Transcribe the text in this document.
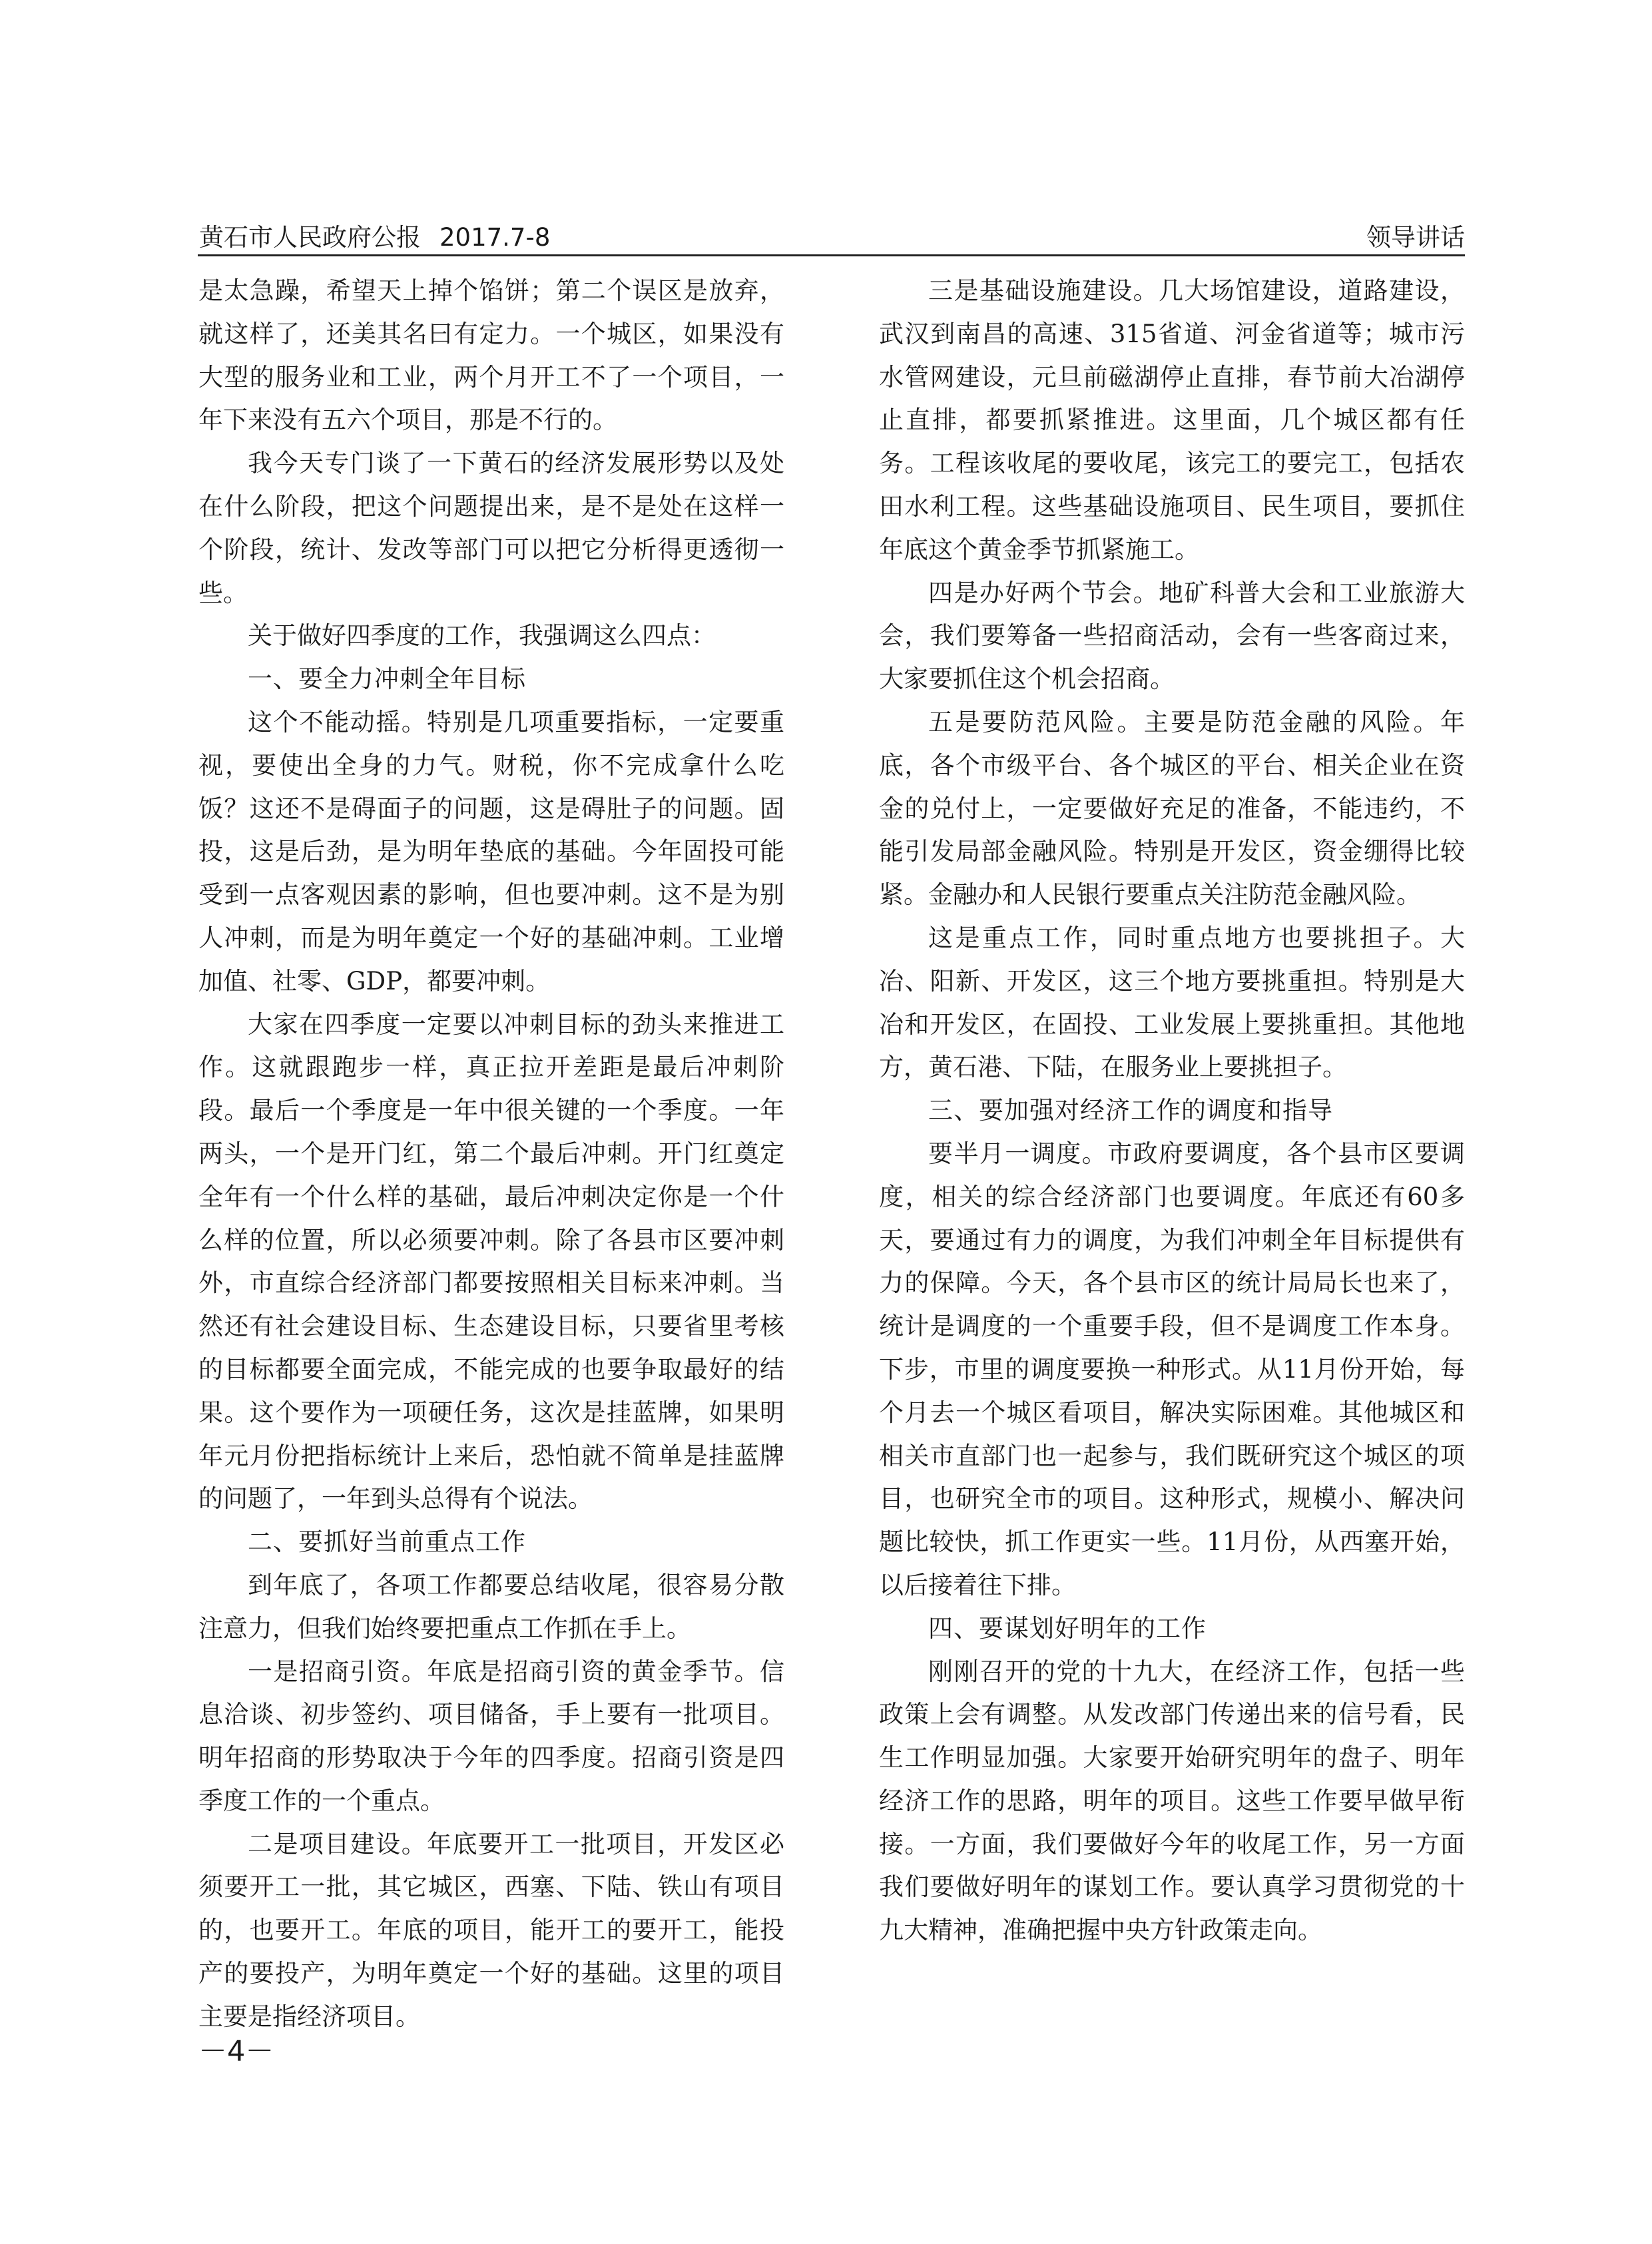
黄石市人民政府公报 2017.7-8	领导讲话

是太急躁，希望天上掉个馅饼；第二个误区是放弃，就这样了，还美其名曰有定力。一个城区，如果没有大型的服务业和工业，两个月开工不了一个项目，一年下来没有五六个项目，那是不行的。

我今天专门谈了一下黄石的经济发展形势以及处在什么阶段，把这个问题提出来，是不是处在这样一个阶段，统计、发改等部门可以把它分析得更透彻一些。

关于做好四季度的工作，我强调这么四点：

一、要全力冲刺全年目标

这个不能动摇。特别是几项重要指标，一定要重视，要使出全身的力气。财税，你不完成拿什么吃饭？这还不是碍面子的问题，这是碍肚子的问题。固投，这是后劲，是为明年垫底的基础。今年固投可能受到一点客观因素的影响，但也要冲刺。这不是为别人冲刺，而是为明年奠定一个好的基础冲刺。工业增加值、社零、GDP，都要冲刺。

大家在四季度一定要以冲刺目标的劲头来推进工作。这就跟跑步一样，真正拉开差距是最后冲刺阶段。最后一个季度是一年中很关键的一个季度。一年两头，一个是开门红，第二个最后冲刺。开门红奠定全年有一个什么样的基础，最后冲刺决定你是一个什么样的位置，所以必须要冲刺。除了各县市区要冲刺外，市直综合经济部门都要按照相关目标来冲刺。当然还有社会建设目标、生态建设目标，只要省里考核的目标都要全面完成，不能完成的也要争取最好的结果。这个要作为一项硬任务，这次是挂蓝牌，如果明年元月份把指标统计上来后，恐怕就不简单是挂蓝牌的问题了，一年到头总得有个说法。

二、要抓好当前重点工作

到年底了，各项工作都要总结收尾，很容易分散注意力，但我们始终要把重点工作抓在手上。

一是招商引资。年底是招商引资的黄金季节。信息洽谈、初步签约、项目储备，手上要有一批项目。明年招商的形势取决于今年的四季度。招商引资是四季度工作的一个重点。

二是项目建设。年底要开工一批项目，开发区必须要开工一批，其它城区，西塞、下陆、铁山有项目的，也要开工。年底的项目，能开工的要开工，能投产的要投产，为明年奠定一个好的基础。这里的项目主要是指经济项目。

三是基础设施建设。几大场馆建设，道路建设，武汉到南昌的高速、315省道、河金省道等；城市污水管网建设，元旦前磁湖停止直排，春节前大冶湖停止直排，都要抓紧推进。这里面，几个城区都有任务。工程该收尾的要收尾，该完工的要完工，包括农田水利工程。这些基础设施项目、民生项目，要抓住年底这个黄金季节抓紧施工。

四是办好两个节会。地矿科普大会和工业旅游大会，我们要筹备一些招商活动，会有一些客商过来，大家要抓住这个机会招商。

五是要防范风险。主要是防范金融的风险。年底，各个市级平台、各个城区的平台、相关企业在资金的兑付上，一定要做好充足的准备，不能违约，不能引发局部金融风险。特别是开发区，资金绷得比较紧。金融办和人民银行要重点关注防范金融风险。

这是重点工作，同时重点地方也要挑担子。大冶、阳新、开发区，这三个地方要挑重担。特别是大冶和开发区，在固投、工业发展上要挑重担。其他地方，黄石港、下陆，在服务业上要挑担子。

三、要加强对经济工作的调度和指导

要半月一调度。市政府要调度，各个县市区要调度，相关的综合经济部门也要调度。年底还有60多天，要通过有力的调度，为我们冲刺全年目标提供有力的保障。今天，各个县市区的统计局局长也来了，统计是调度的一个重要手段，但不是调度工作本身。下步，市里的调度要换一种形式。从11月份开始，每个月去一个城区看项目，解决实际困难。其他城区和相关市直部门也一起参与，我们既研究这个城区的项目，也研究全市的项目。这种形式，规模小、解决问题比较快，抓工作更实一些。11月份，从西塞开始，以后接着往下排。

四、要谋划好明年的工作

刚刚召开的党的十九大，在经济工作，包括一些政策上会有调整。从发改部门传递出来的信号看，民生工作明显加强。大家要开始研究明年的盘子、明年经济工作的思路，明年的项目。这些工作要早做早衔接。一方面，我们要做好今年的收尾工作，另一方面我们要做好明年的谋划工作。要认真学习贯彻党的十九大精神，准确把握中央方针政策走向。

－4－
